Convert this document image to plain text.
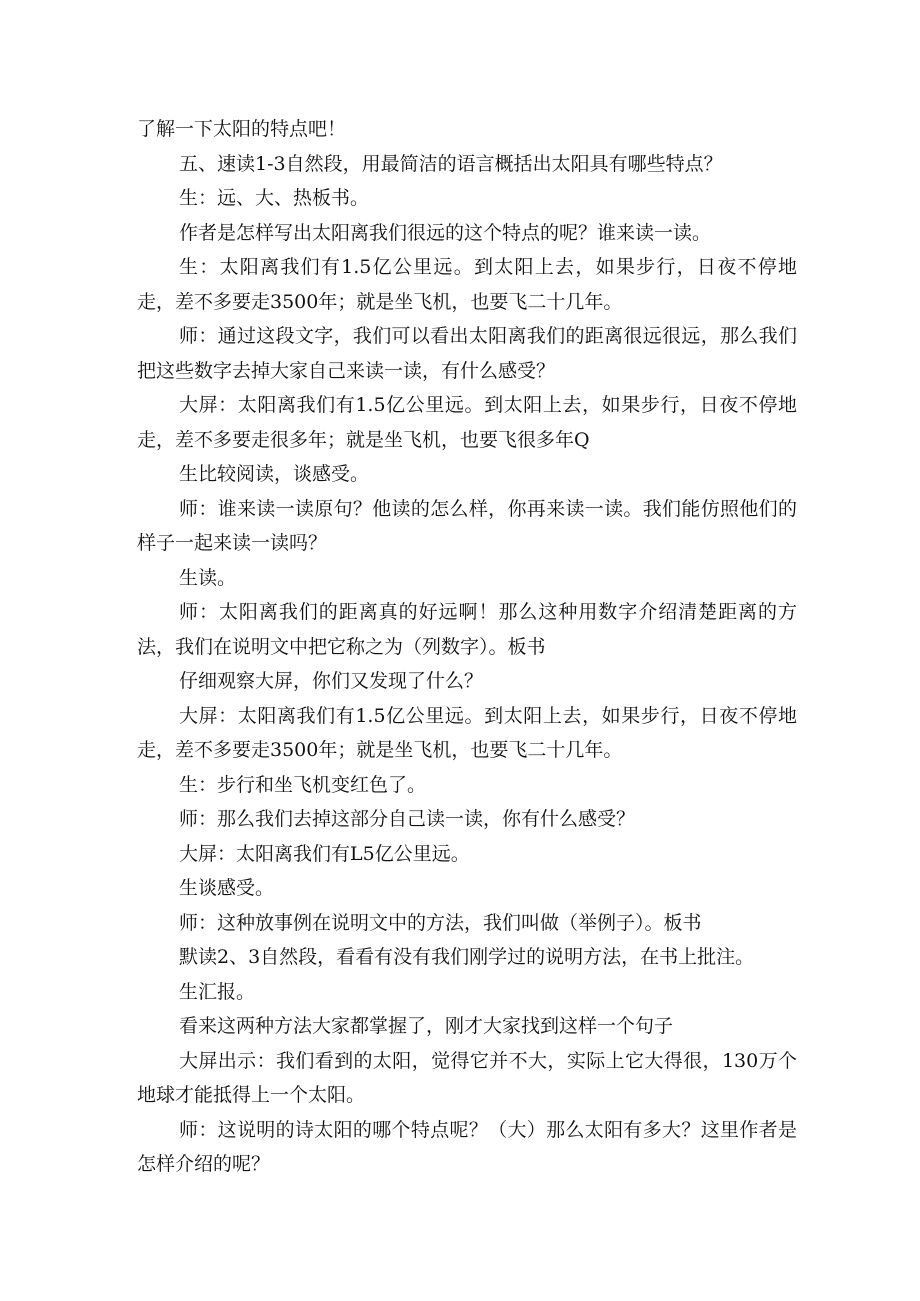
了解一下太阳的特点吧！

五、速读1-3自然段，用最简洁的语言概括出太阳具有哪些特点？

生：远、大、热板书。

作者是怎样写出太阳离我们很远的这个特点的呢？谁来读一读。

生：太阳离我们有1.5亿公里远。到太阳上去，如果步行，日夜不停地走，差不多要走3500年；就是坐飞机，也要飞二十几年。

师：通过这段文字，我们可以看出太阳离我们的距离很远很远，那么我们把这些数字去掉大家自己来读一读，有什么感受？

大屏：太阳离我们有1.5亿公里远。到太阳上去，如果步行，日夜不停地走，差不多要走很多年；就是坐飞机，也要飞很多年Q

生比较阅读，谈感受。

师：谁来读一读原句？他读的怎么样，你再来读一读。我们能仿照他们的样子一起来读一读吗？

生读。

师：太阳离我们的距离真的好远啊！那么这种用数字介绍清楚距离的方法，我们在说明文中把它称之为（列数字）。板书

仔细观察大屏，你们又发现了什么？

大屏：太阳离我们有1.5亿公里远。到太阳上去，如果步行，日夜不停地走，差不多要走3500年；就是坐飞机，也要飞二十几年。

生：步行和坐飞机变红色了。

师：那么我们去掉这部分自己读一读，你有什么感受？

大屏：太阳离我们有L5亿公里远。

生谈感受。

师：这种放事例在说明文中的方法，我们叫做（举例子）。板书

默读2、3自然段，看看有没有我们刚学过的说明方法，在书上批注。

生汇报。

看来这两种方法大家都掌握了，刚才大家找到这样一个句子

大屏出示：我们看到的太阳，觉得它并不大，实际上它大得很，130万个地球才能抵得上一个太阳。

师：这说明的诗太阳的哪个特点呢？（大）那么太阳有多大？这里作者是怎样介绍的呢？
